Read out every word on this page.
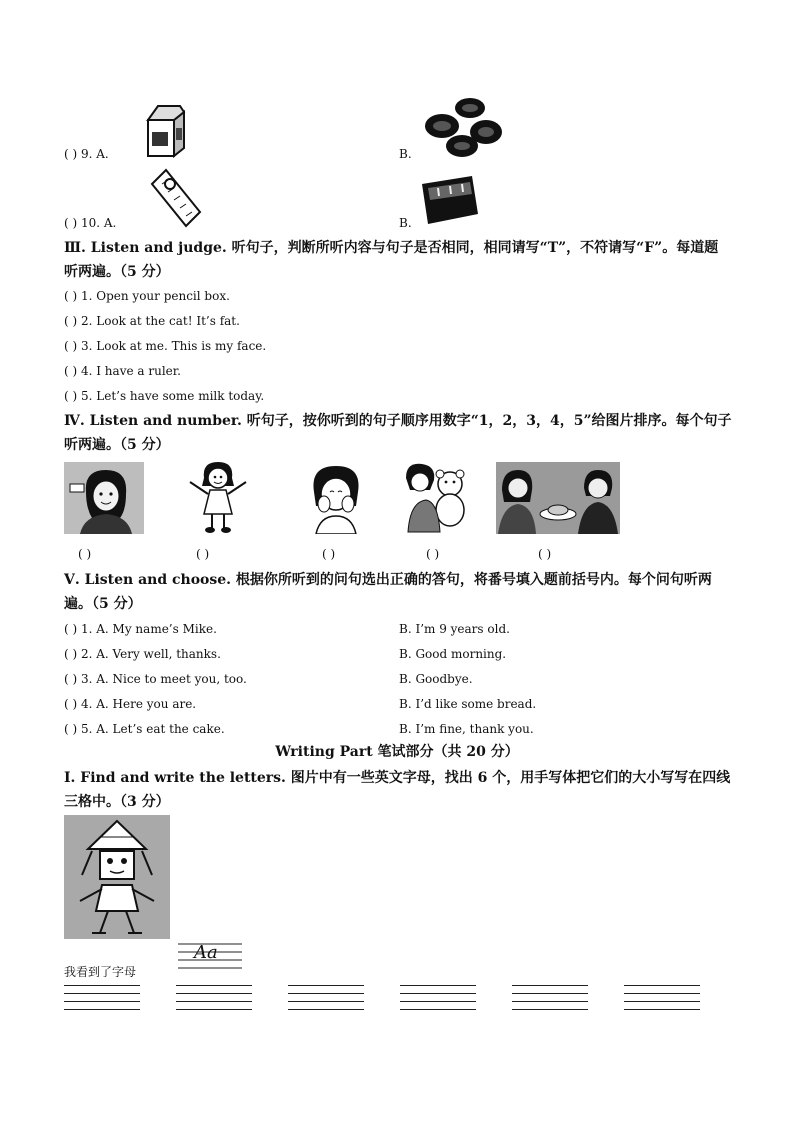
( ) 9. A.	B.
( ) 10. A.	B.
Ⅲ. Listen and judge. 听句子，判断所听内容与句子是否相同，相同请写“T”，不符请写“F”。每道题听两遍。（5 分）
( ) 1. Open your pencil box.
( ) 2. Look at the cat! It’s fat.
( ) 3. Look at me. This is my face.
( ) 4. I have a ruler.
( ) 5. Let’s have some milk today.
Ⅳ. Listen and number. 听句子，按你听到的句子顺序用数字“1，2，3，4，5”给图片排序。每个句子听两遍。（5 分）
( )	( )	( )	( )	( )
Ⅴ. Listen and choose. 根据你所听到的问句选出正确的答句，将番号填入题前括号内。每个问句听两遍。（5 分）
( ) 1. A. My name’s Mike.	B. I’m 9 years old.
( ) 2. A. Very well, thanks.	B. Good morning.
( ) 3. A. Nice to meet you, too.	B. Goodbye.
( ) 4. A. Here you are.	B. I’d like some bread.
( ) 5. A. Let’s eat the cake.	B. I’m fine, thank you.
Writing Part 笔试部分（共 20 分）
Ⅰ. Find and write the letters. 图片中有一些英文字母，找出 6 个，用手写体把它们的大小写写在四线三格中。（3 分）
Aa
我看到了字母
